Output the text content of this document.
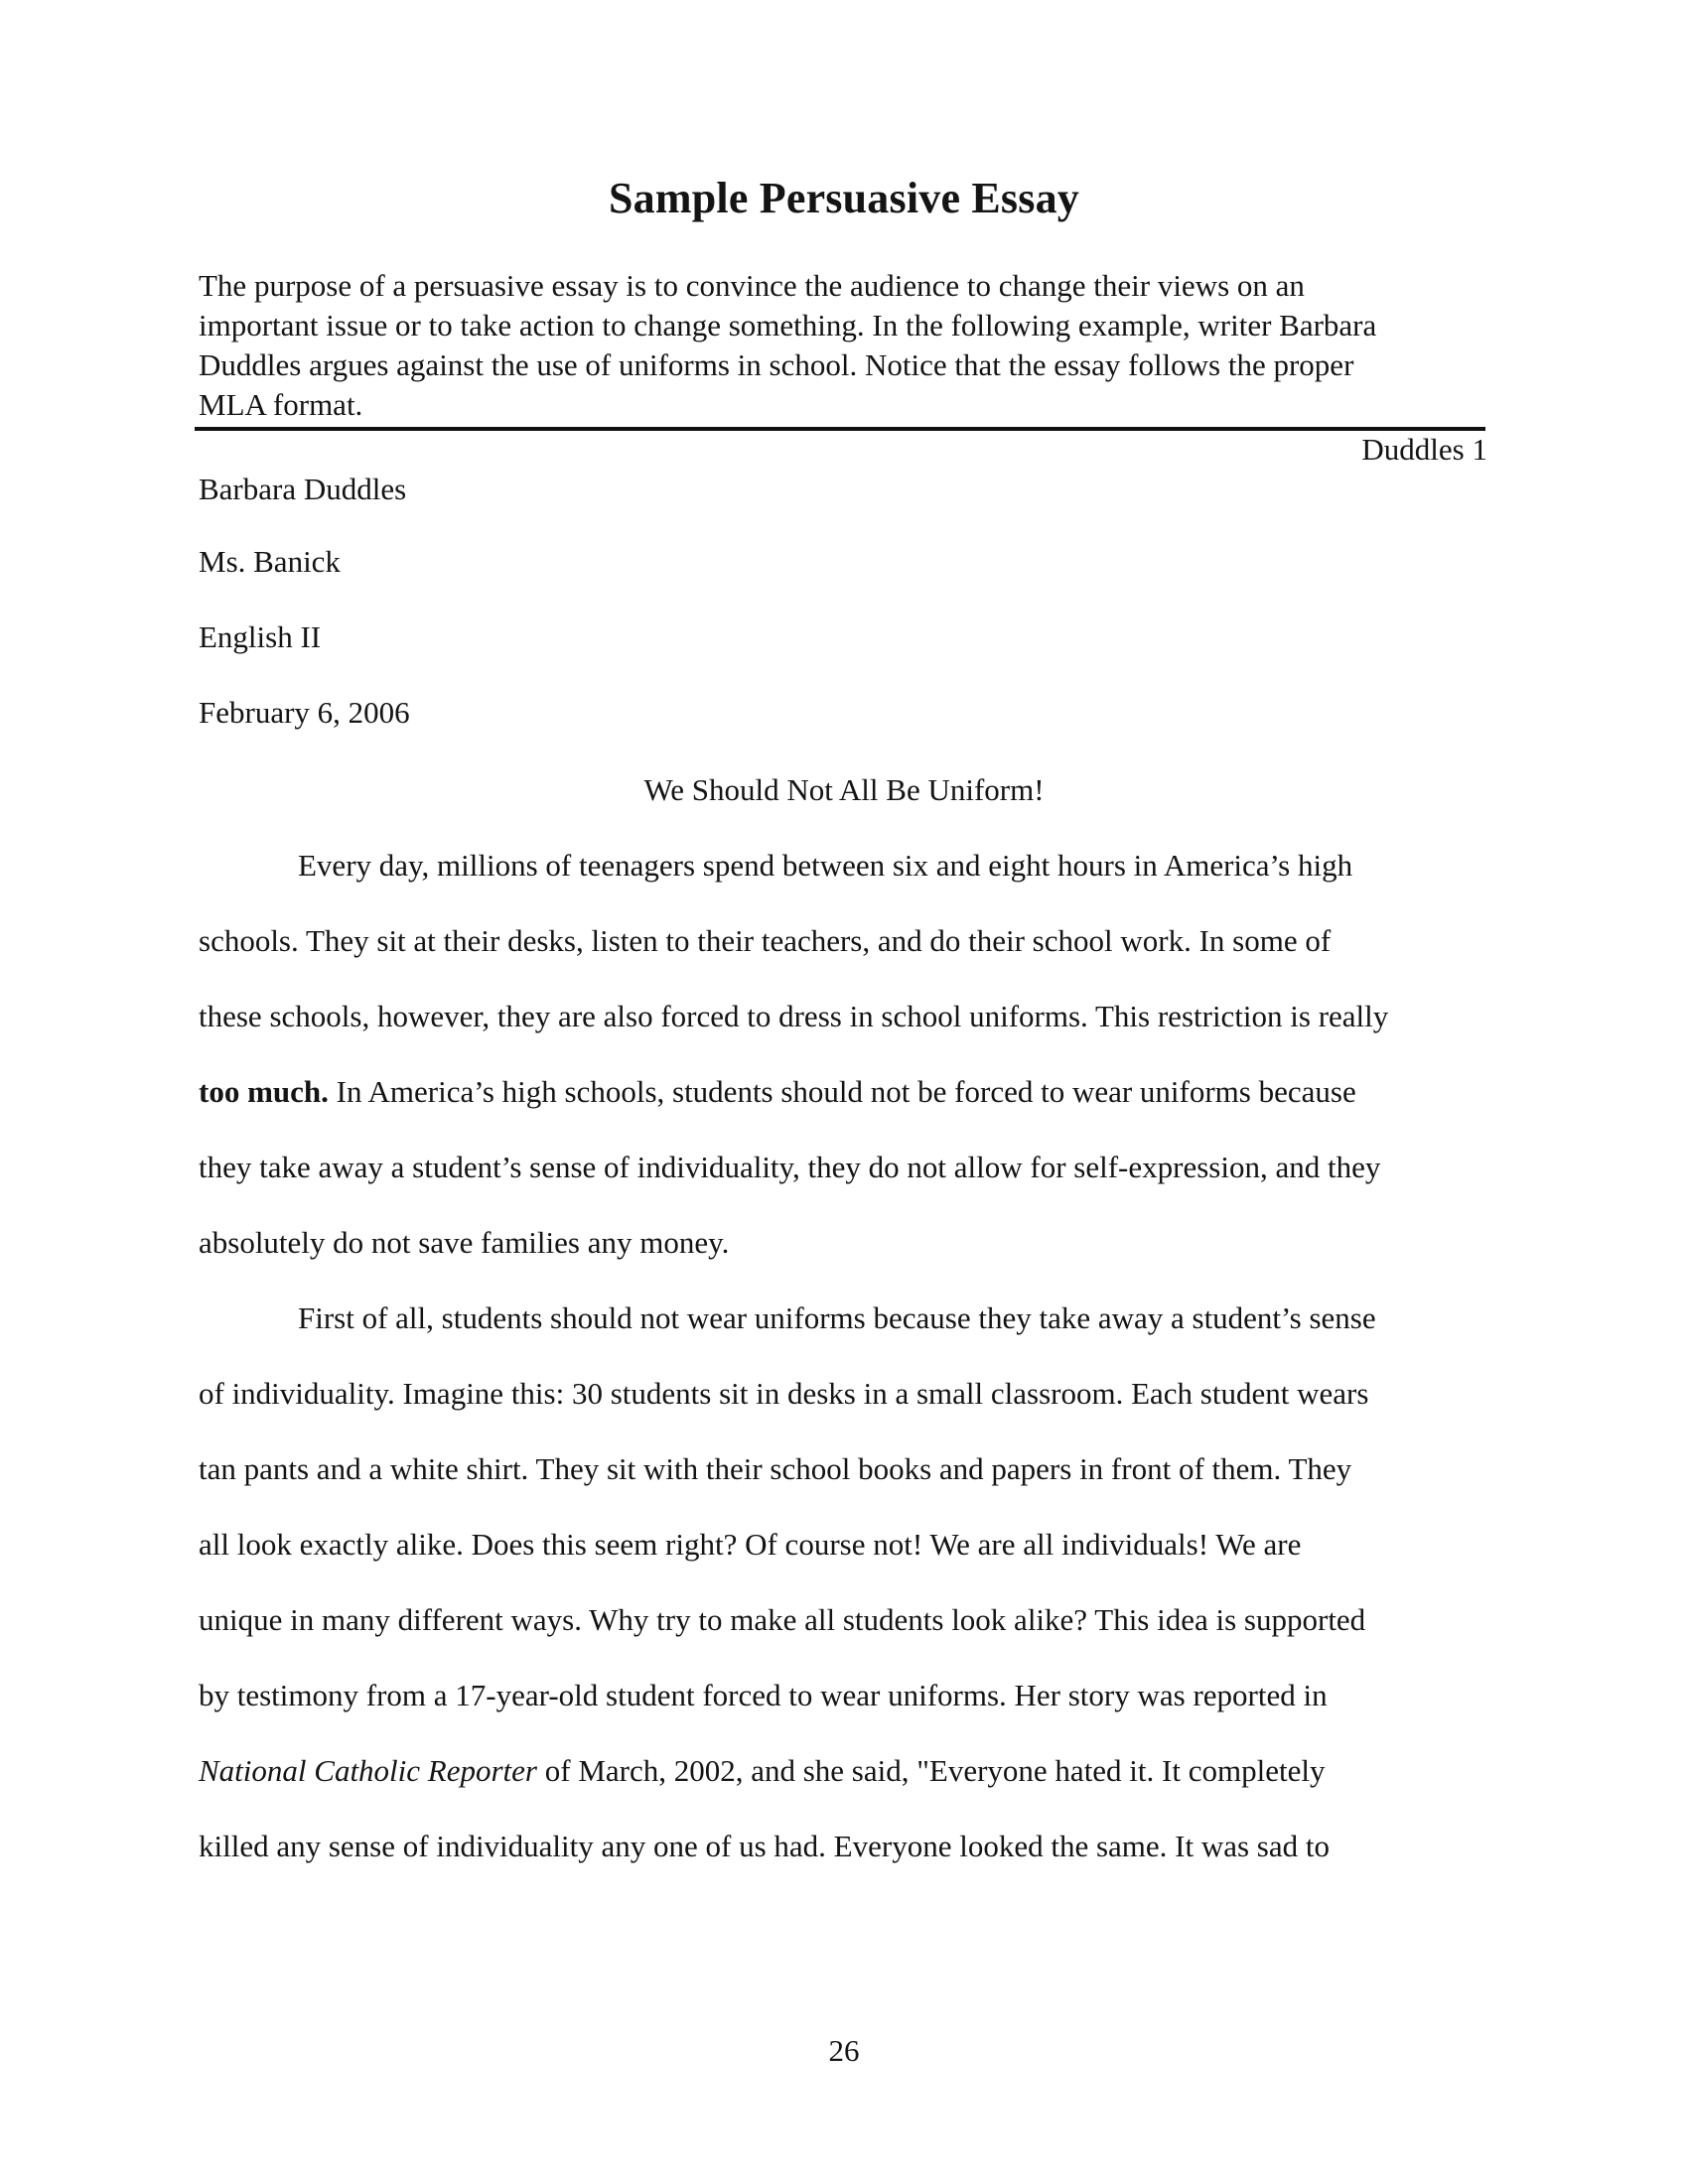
Sample Persuasive Essay

The purpose of a persuasive essay is to convince the audience to change their views on an

important issue or to take action to change something. In the following example, writer Barbara

Duddles argues against the use of uniforms in school. Notice that the essay follows the proper

MLA format.

Duddles 1
Barbara Duddles
Ms. Banick
English II
February 6, 2006
We Should Not All Be Uniform!
Every day, millions of teenagers spend between six and eight hours in America’s high
schools. They sit at their desks, listen to their teachers, and do their school work. In some of
these schools, however, they are also forced to dress in school uniforms. This restriction is really
too much. In America’s high schools, students should not be forced to wear uniforms because
they take away a student’s sense of individuality, they do not allow for self-expression, and they
absolutely do not save families any money.
First of all, students should not wear uniforms because they take away a student’s sense
of individuality. Imagine this: 30 students sit in desks in a small classroom. Each student wears
tan pants and a white shirt. They sit with their school books and papers in front of them. They
all look exactly alike. Does this seem right? Of course not! We are all individuals! We are
unique in many different ways. Why try to make all students look alike? This idea is supported
by testimony from a 17-year-old student forced to wear uniforms. Her story was reported in
National Catholic Reporter of March, 2002, and she said, "Everyone hated it. It completely
killed any sense of individuality any one of us had. Everyone looked the same. It was sad to
26
